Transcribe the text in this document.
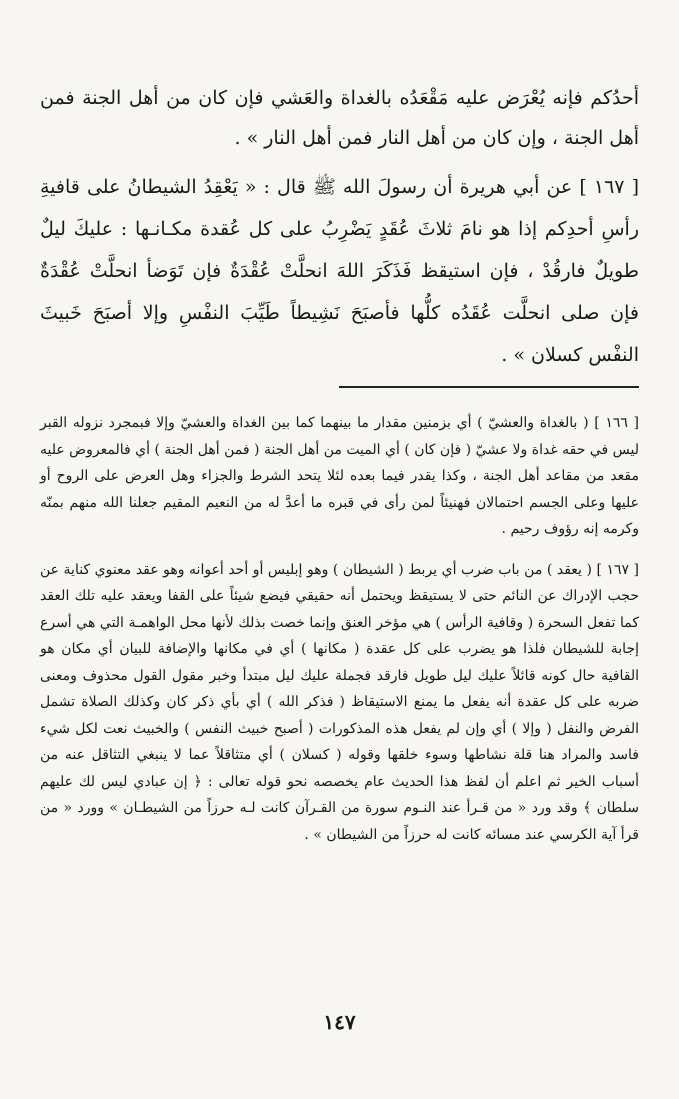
أحدُكم فإنه يُعْرَض عليه مَقْعَدُه بالغداة والعَشي فإن كان من أهل الجنة فمن أهل الجنة ، وإن كان من أهل النار فمن أهل النار » .

[ ١٦٧ ] عن أبي هريرة أن رسولَ الله ﷺ قال : « يَعْقِدُ الشيطانُ على قافيةِ رأسِ أحدِكم إذا هو نامَ ثلاثَ عُقَدٍ يَضْرِبُ على كل عُقدة مكـانـها : عليكَ ليلٌ طويلٌ فارقُدْ ، فإن استيقظ فَذَكَرَ اللهَ انحلَّتْ عُقْدَةٌ فإن تَوَضأ انحلَّتْ عُقْدَةٌ فإن صلى انحلَّت عُقَدُه كلُّها فأصبَحَ نَشِيطاً طَيِّبَ النفْسِ وإلا أصبَحَ خَبيثَ النفْس كسلان » .

[ ١٦٦ ] ( بالغداة والعشيّ ) أي بزمنين مقدار ما بينهما كما بين الغداة والعشيّ وإلا فبمجرد نزوله القبر ليس في حقه غداة ولا عشيّ ( فإن كان ) أي الميت من أهل الجنة ( فمن أهل الجنة ) أي فالمعروض عليه مقعد من مقاعد أهل الجنة ، وكذا يقدر فيما بعده لئلا يتحد الشرط والجزاء وهل العرض على الروح أو عليها وعلى الجسم احتمالان فهنيئاً لمن رأى في قبره ما أعدَّ له من النعيم المقيم جعلنا الله منهم بمنّه وكرمه إنه رؤوف رحيم .

[ ١٦٧ ] ( يعقد ) من باب ضرب أي يربط ( الشيطان ) وهو إبليس أو أحد أعوانه وهو عقد معنوي كناية عن حجب الإدراك عن النائم حتى لا يستيقظ ويحتمل أنه حقيقي فيضع شيئاً على القفا ويعقد عليه تلك العقد كما تفعل السحرة ( وقافية الرأس ) هي مؤخر العنق وإنما خصت بذلك لأنها محل الواهمـة التي هي أسرع إجابة للشيطان فلذا هو يضرب على كل عقدة ( مكانها ) أي في مكانها والإضافة للبيان أي مكان هو القافية حال كونه قائلاً عليك ليل طويل فارقد فجملة عليك ليل مبتدأ وخبر مقول القول محذوف ومعنى ضربه على كل عقدة أنه يفعل ما يمنع الاستيقاظ ( فذكر الله ) أي بأي ذكر كان وكذلك الصلاة تشمل الفرض والنفل ( وإلا ) أي وإن لم يفعل هذه المذكورات ( أصبح خبيث النفس ) والخبيث نعت لكل شيء فاسد والمراد هنا قلة نشاطها وسوء خلقها وقوله ( كسلان ) أي متثاقلاً عما لا ينبغي التثاقل عنه من أسباب الخير ثم اعلم أن لفظ هذا الحديث عام يخصصه نحو قوله تعالى : ﴿ إن عبادي ليس لك عليهم سلطان ﴾ وقد ورد « من قـرأ عند النـوم سورة من القـرآن كانت لـه حرزاً من الشيطـان » وورد « من قرأ آية الكرسي عند مسائه كانت له حرزاً من الشيطان » .

١٤٧
